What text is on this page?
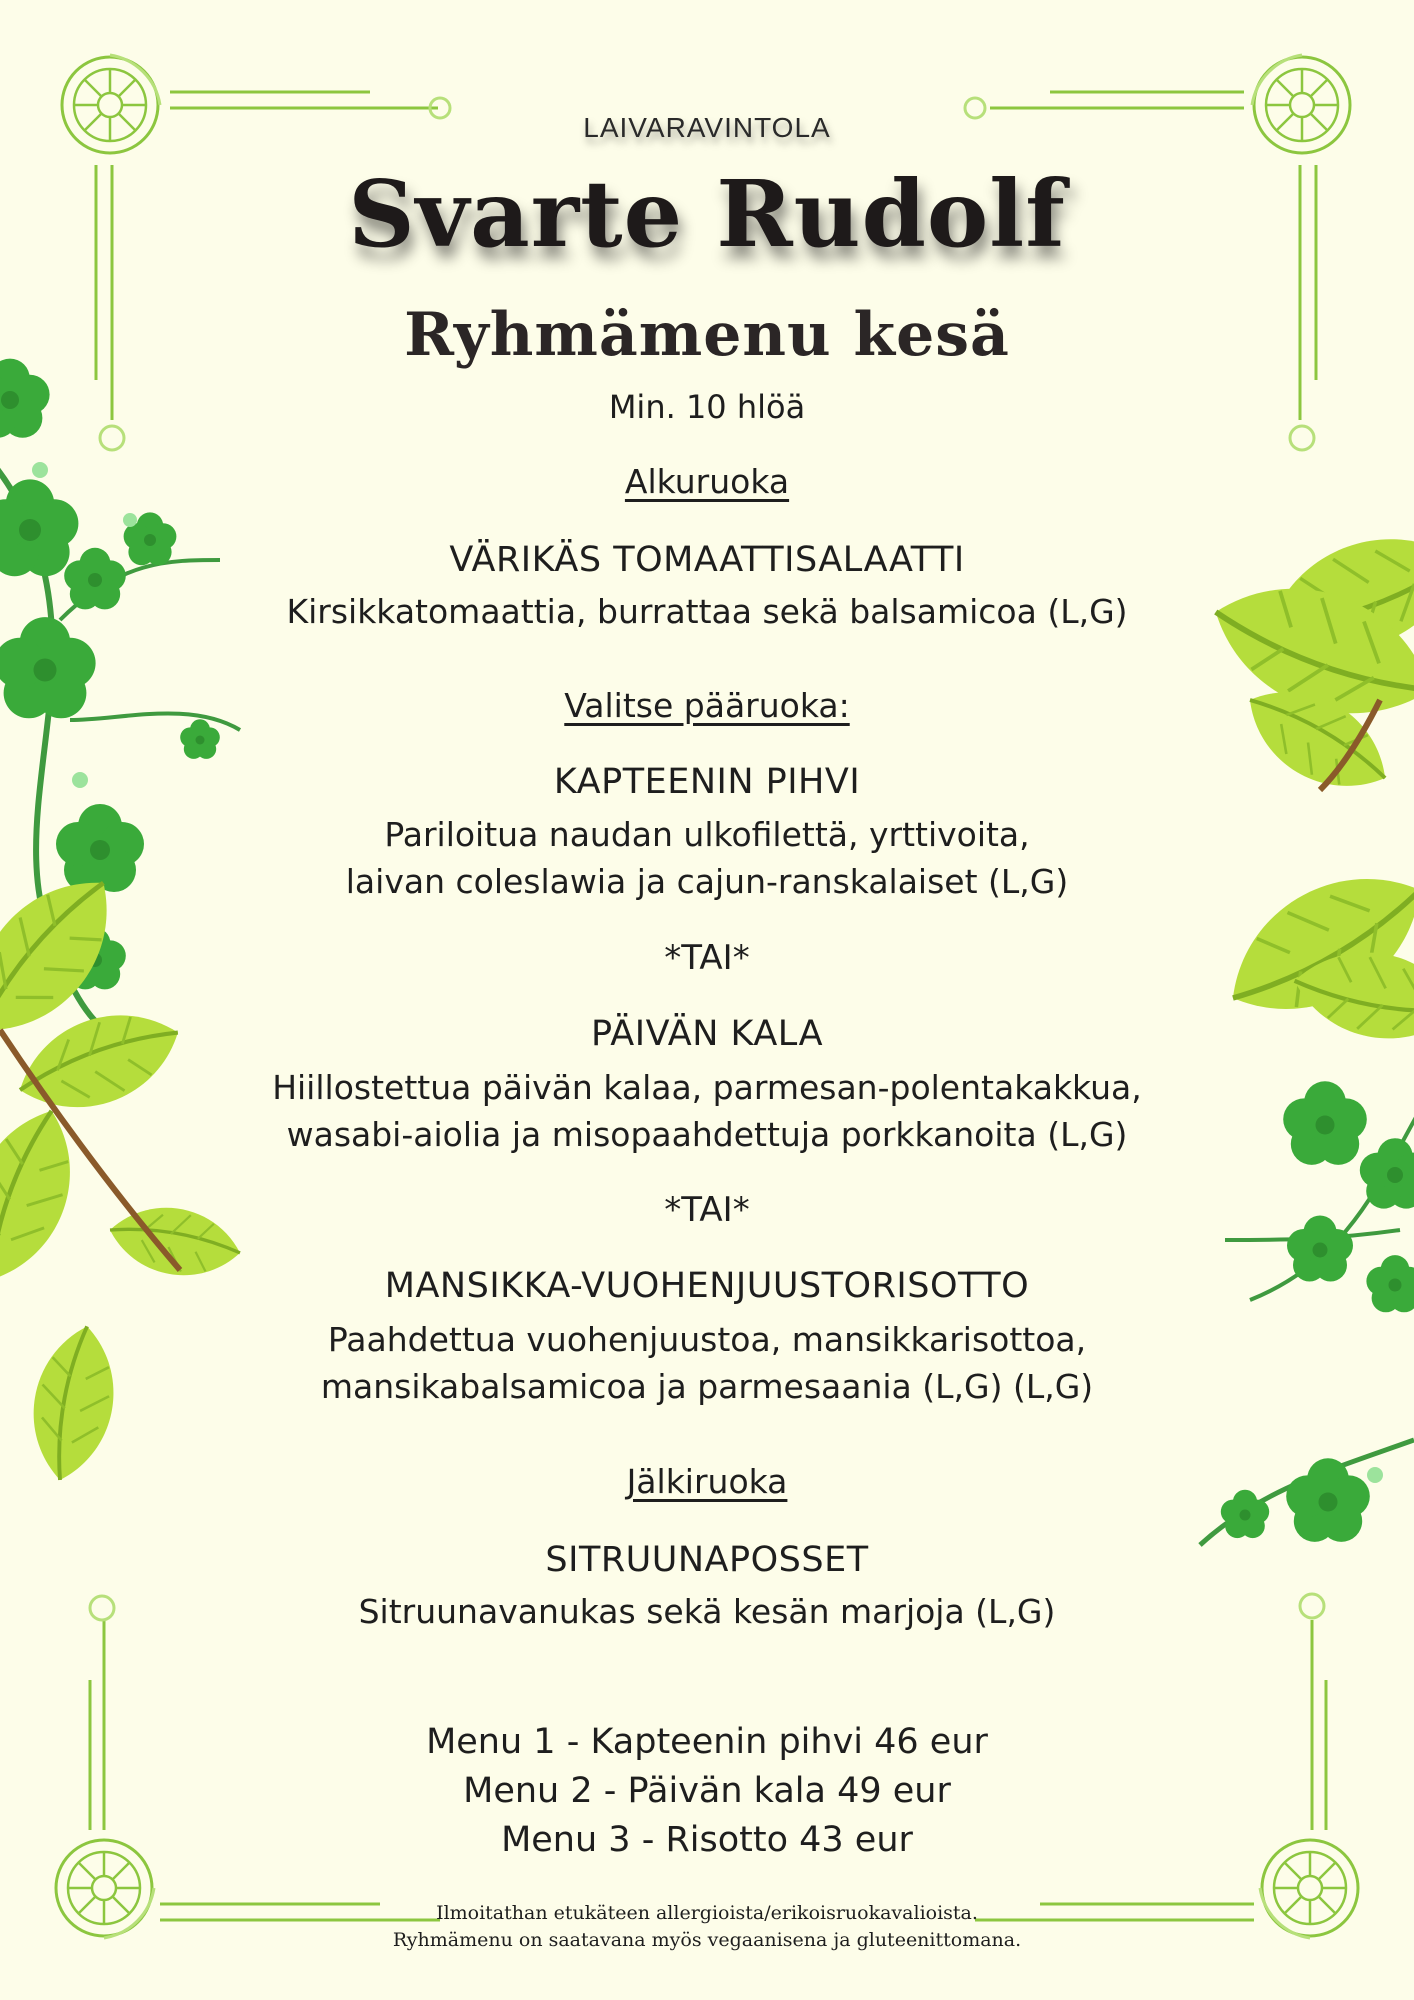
LAIVARAVINTOLA
Svarte Rudolf
Ryhmämenu kesä
Min. 10 hlöä
Alkuruoka
VÄRIKÄS TOMAATTISALAATTI
Kirsikkatomaattia, burrattaa sekä balsamicoa (L,G)
Valitse pääruoka:
KAPTEENIN PIHVI
Pariloitua naudan ulkofilettä, yrttivoita,
laivan coleslawia ja cajun-ranskalaiset (L,G)
*TAI*
PÄIVÄN KALA
Hiillostettua päivän kalaa, parmesan-polentakakkua,
wasabi-aiolia ja misopaahdettuja porkkanoita (L,G)
*TAI*
MANSIKKA-VUOHENJUUSTORISOTTO
Paahdettua vuohenjuustoa, mansikkarisottoa,
mansikabalsamicoa ja parmesaania (L,G) (L,G)
Jälkiruoka
SITRUUNAPOSSET
Sitruunavanukas sekä kesän marjoja (L,G)
Menu 1 - Kapteenin pihvi 46 eur
Menu 2 - Päivän kala 49 eur
Menu 3 - Risotto 43 eur
Ilmoitathan etukäteen allergioista/erikoisruokavalioista.
Ryhmämenu on saatavana myös vegaanisena ja gluteenittomana.
